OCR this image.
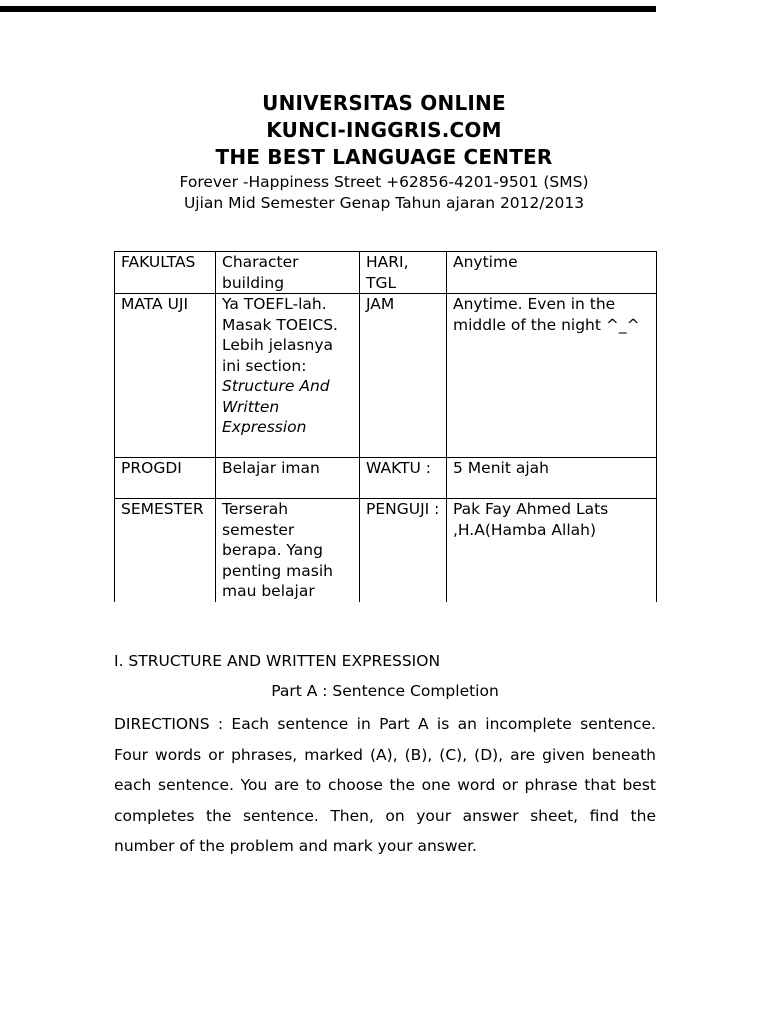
UNIVERSITAS ONLINE

KUNCI-INGGRIS.COM

THE BEST LANGUAGE CENTER

Forever -Happiness Street +62856-4201-9501 (SMS)

Ujian Mid Semester Genap Tahun ajaran 2012/2013

FAKULTAS	Character building	HARI, TGL	Anytime
MATA UJI	Ya TOEFL-lah. Masak TOEICS. Lebih jelasnya ini section: Structure And Written Expression	JAM	Anytime. Even in the middle of the night ^_^
PROGDI	Belajar iman	WAKTU :	5 Menit ajah
SEMESTER	Terserah semester berapa. Yang penting masih mau belajar	PENGUJI :	Pak Fay Ahmed Lats ,H.A(Hamba Allah)

I. STRUCTURE AND WRITTEN EXPRESSION

Part A : Sentence Completion

DIRECTIONS : Each sentence in Part A is an incomplete sentence. Four words or phrases, marked (A), (B), (C), (D), are given beneath each sentence. You are to choose the one word or phrase that best completes the sentence. Then, on your answer sheet, find the number of the problem and mark your answer.
